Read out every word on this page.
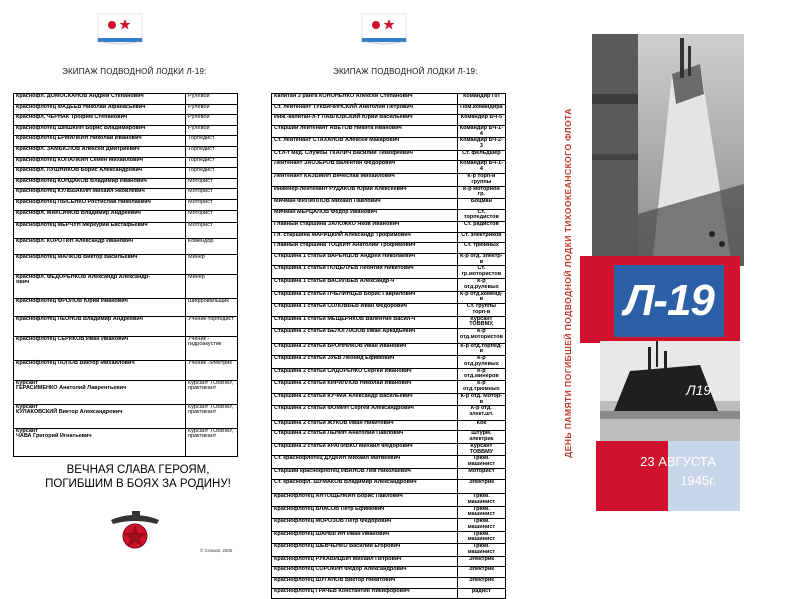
ЭКИПАЖ ПОДВОДНОЙ ЛОДКИ Л-19:
Краснофл. ДОМОСКАНОВ Андрей Степанович	Рулевой
Краснофлотец ФАДЕЕВ Николай Афанасьевич	Рулевой
Краснофл. ЧЕРНАК Трофим Степанович	Рулевой
Краснофлотец ШИШКИН Борис Владимирович	Рулевой
Краснофлотец ЕРМИЛКИН Николай Иванович	Торпедист
Краснофл. ЗАМЫСЛОВ Алексей Дмитриевич	Торпедист
Краснофлотец КОПАЛКИН Семен Михайлович	Торпедист
Краснофл. ЛУШНИКОВ Борис Александрович	Торпедист
Краснофлотец КОНДАКОВ Владимир Иванович	Моторист
Краснофлотец КУЛЬБАКИН Михаил Яковлевич	Моторист
Краснофлотец ЛЫСЕНКО Ростислав Николаевич	Моторист
Краснофл. МАКСИМОВ Владимир Андреевич	Моторист
Краснофлотец МЕРЧУН Меркурий Евстафьевич	Моторист
Краснофл. КОРОТИН Александр Иванович	Комендор
Краснофлотец МАЛКОВ Виктор Васильевич	Минер
Краснофл. ФЕДОРЕНКОВ Александр Александр-
ович	Минер
Краснофлотец ФРОЛОВ Юрий Иванович	Шифровальщик
Краснофлотец ЛЕОНОВ Владимир Андреевич	Ученик-торпедист
Краснофлотец СЕРИКОВ Иван Иванович	Ученик -
гидроакустик
Краснофлотец ПОПОВ Виктор Михайлович	Ученик -электрик
Курсант
ГЕРАСИМЕНКО Анатолий Лаврентьевич	Курсант ТОВВМУ,
практикант
Курсант
КУЛАКОВСКИЙ Виктор Александрович	Курсант ТОВВМУ,
практикант
Курсант
ЧАВА Григорий Игнатьевич	Курсант ТОВВМУ,
практикант
ВЕЧНАЯ СЛАВА ГЕРОЯМ,
ПОГИБШИМ В БОЯХ ЗА РОДИНУ!
© Слизов, 2005
ЭКИПАЖ ПОДВОДНОЙ ЛОДКИ Л-19:
Капитан 3 ранга КОНОНЕНКО Алексей Степанович	Командир ПЛ
Ст. лейтенант ТУКВАЧИНСКИЙ Анатолий Петрович	Пом.командира
Инж.-капитан-л-т ПАВЛОВСКИЙ Юрий Васильевич	Командир БЧ-5
Старший лейтенант АВЕТОВ Никита Иванович	Командир БЧ-1-4
Ст. лейтенант СТАХАНОВ Алексей Макарович	Командир БЧ-2-3
Ст.л-т мед. Службы ТКАЛИЧ Василий Тимофеевич	Ст. фельдшер
Лейтенант ЗАОЗЕРОВ Валентин Федорович	Командир БЧ-1-4
Лейтенант КАЗЬМИН Вячеслав Михайлович	К-р торп-й группы
Инженер-лейтенант РУДАКОВ Юрий Алексеевич	К-р моторной гр.
Мичман ФИЛИППОВ Михаил Павлович	Боцман
Мичман МЕРЦАЛОВ Федор Иванович	Ст. торпедистов
Главный старшина ЗАЛОЖКО Яков Иванович	Ст. радистов
Гл. старшина МАРИЦКИЙ Александр Трофимович	Ст. электриков
Главный старшина ТОЦКИН Анатолий Трофимович	Ст. трюмных
Старшина 1 статьи ВАРЕНЦОВ Андрей Николаевич	К-р отд. электр-в
Старшина 1 статьи ПОЦЕЛУЕВ Леонтий Никитович	Ст. гр.мотористов
Старшина 1 статьи ВАСИЛЬЕВ Александр-ч	К-р отд.рулевых
Старшина 1 статьи ПЧЕЛИНЦЕВ Борис Гаврилович	К-р отд.коменд-в
Старшина 1 статьи СОЛОВЬЕВ Иван Федорович	Ст. группы торп-в
Старшина 1 статьи МЕЩЕРЯКОВ Валентин Васил-ч	Курсант ТОВВМУ,
Старшина 2 статьи БЕЛОГЛАЗОВ Иван Аркадьевич	К-р отд.мотористов
Старшина 2 статьи БРОННИКОВ Иван Иванович	К-р отд.торпед-в
Старшина 2 статьи ЗУЕВ Леонид Ефимович	К-р отд.рулевых
Старшина 2 статьи СИДОРЕНКО Сергей Иванович	К-р отд.минеров
Старшина 2 статьи КИРИЛЛОВ Николай Иванович	К-р отд.трюмных
Старшина 2 статьи КУЧМА Александр Васильевич	К-р отд. Мотор-в
Старшина 2 статьи ФОМИН Сергей Александрович	К-р отд. элект.шт.
Старшина 2 статьи ЖУКОВ Иван Никитович	Кок
Старшина 2 статьи ЛЕНИН Анатолий Павлович	Штурм. электрик
Старшина 2 статьи КРАПИВКО Михаил Федорович	Курсант ТОВВМУ
Ст. краснофлотец ДУДКИН Михаил Матвеевич	Трюм. машинист
Старший краснофлотец ИВАНОВ Лев Николаевич	Моторист
Ст. краснофл. ШУМАКОВ Владимир Александрович	Электрик
Краснофлотец АНТОЩЕНКИН Борис Павлович	Трюм. машинист
Краснофлотец ВЛАСОВ Петр Ефимович	Трюм. машинист
Краснофлотец МОРОЗОВ Петр Федорович	Трюм. машинист
Краснофлотец ШАНЫГИН Иван Иванович	Трюм. машинист
Краснофлотец ШЕВЧЕНКО Василий Егорович	Трюм. машинист
Краснофлотец РУКАВИЦЫН Михаил Петрович	Электрик
Краснофлотец СОРОКИН Федор Александрович	Электрик
Краснофлотец ШУГАНОВ Виктор Никитович	Электрик
Краснофлотец ГРАЧЕВ Константин Никифорович	радист
ДЕНЬ ПАМЯТИ ПОГИБШЕЙ ПОДВОДНОЙ ЛОДКИ ТИХООКЕАНСКОГО ФЛОТА Л-19
Л19
23 АВГУСТА
1945г.
